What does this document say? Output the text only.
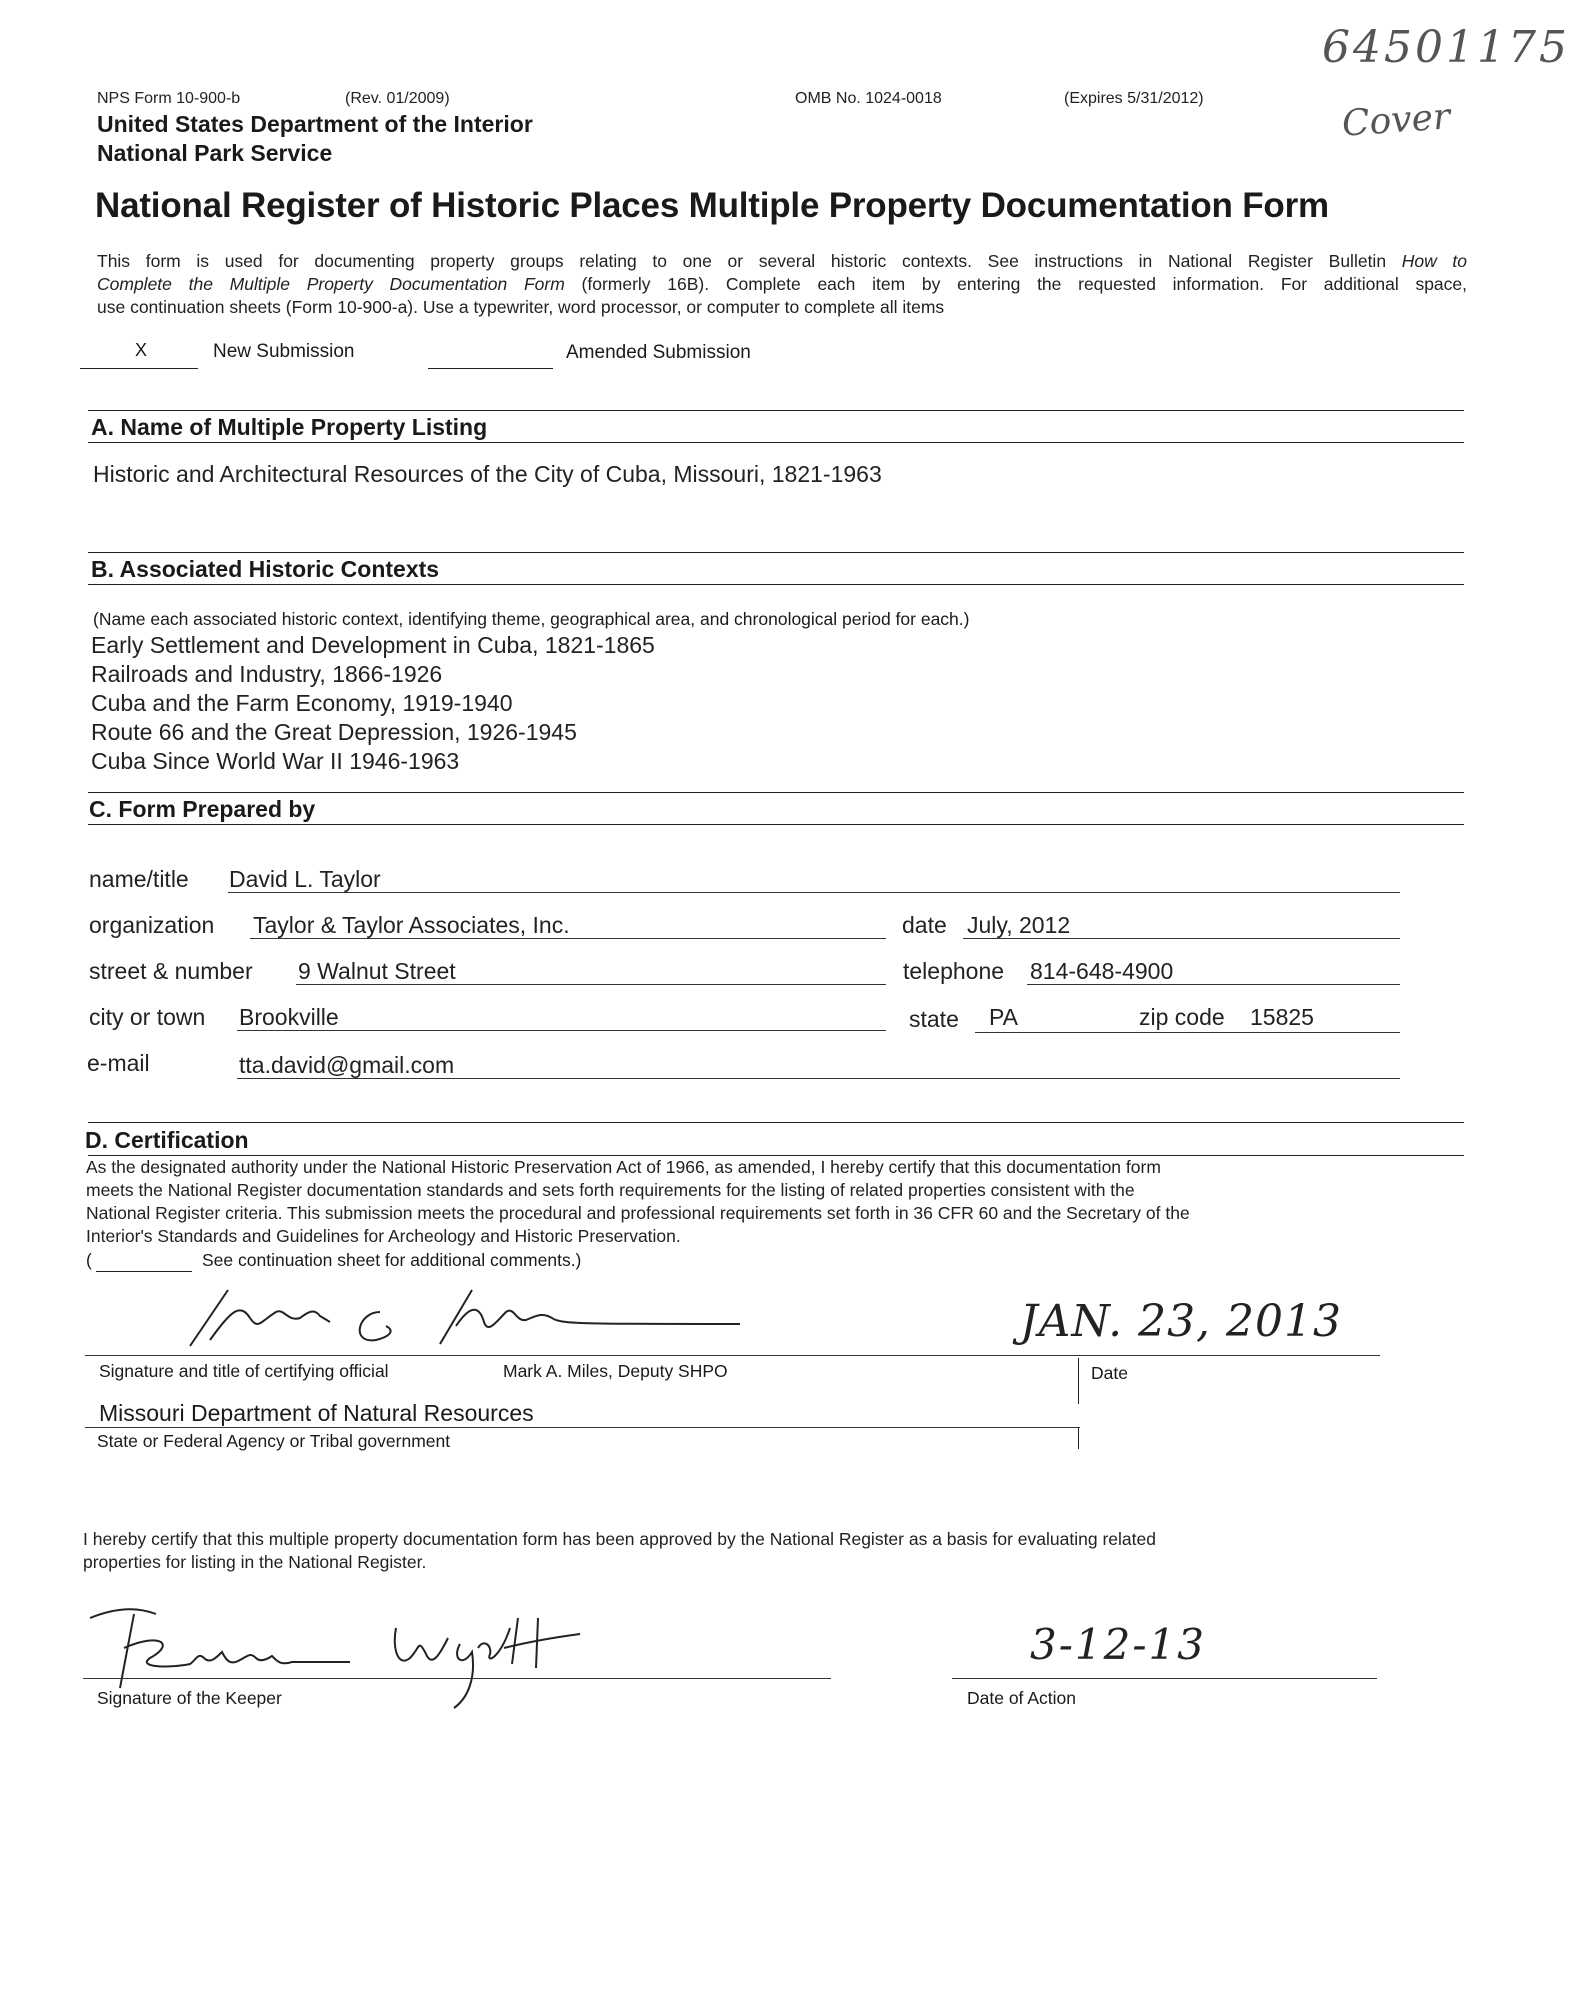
64501175
Cover
NPS Form 10-900-b	(Rev. 01/2009)	OMB No. 1024-0018	(Expires 5/31/2012)
United States Department of the Interior
National Park Service
National Register of Historic Places Multiple Property Documentation Form
This form is used for documenting property groups relating to one or several historic contexts. See instructions in National Register Bulletin How to
Complete the Multiple Property Documentation Form (formerly 16B). Complete each item by entering the requested information. For additional space,
use continuation sheets (Form 10-900-a). Use a typewriter, word processor, or computer to complete all items
X	New Submission	Amended Submission
A. Name of Multiple Property Listing
Historic and Architectural Resources of the City of Cuba, Missouri, 1821-1963
B. Associated Historic Contexts
(Name each associated historic context, identifying theme, geographical area, and chronological period for each.)
Early Settlement and Development in Cuba, 1821-1865
Railroads and Industry, 1866-1926
Cuba and the Farm Economy, 1919-1940
Route 66 and the Great Depression, 1926-1945
Cuba Since World War II 1946-1963
C. Form Prepared by
name/title David L. Taylor
organization Taylor & Taylor Associates, Inc.	date July, 2012
street & number 9 Walnut Street	telephone 814-648-4900
city or town Brookville	state PA	zip code 15825
e-mail	tta.david@gmail.com
D. Certification
As the designated authority under the National Historic Preservation Act of 1966, as amended, I hereby certify that this documentation form
meets the National Register documentation standards and sets forth requirements for the listing of related properties consistent with the
National Register criteria. This submission meets the procedural and professional requirements set forth in 36 CFR 60 and the Secretary of the
Interior's Standards and Guidelines for Archeology and Historic Preservation.
(	See continuation sheet for additional comments.)
Signature and title of certifying official	Mark A. Miles, Deputy SHPO
JAN. 23, 2013
Date
Missouri Department of Natural Resources
State or Federal Agency or Tribal government
I hereby certify that this multiple property documentation form has been approved by the National Register as a basis for evaluating related
properties for listing in the National Register.
Signature of the Keeper
3-12-13
Date of Action
